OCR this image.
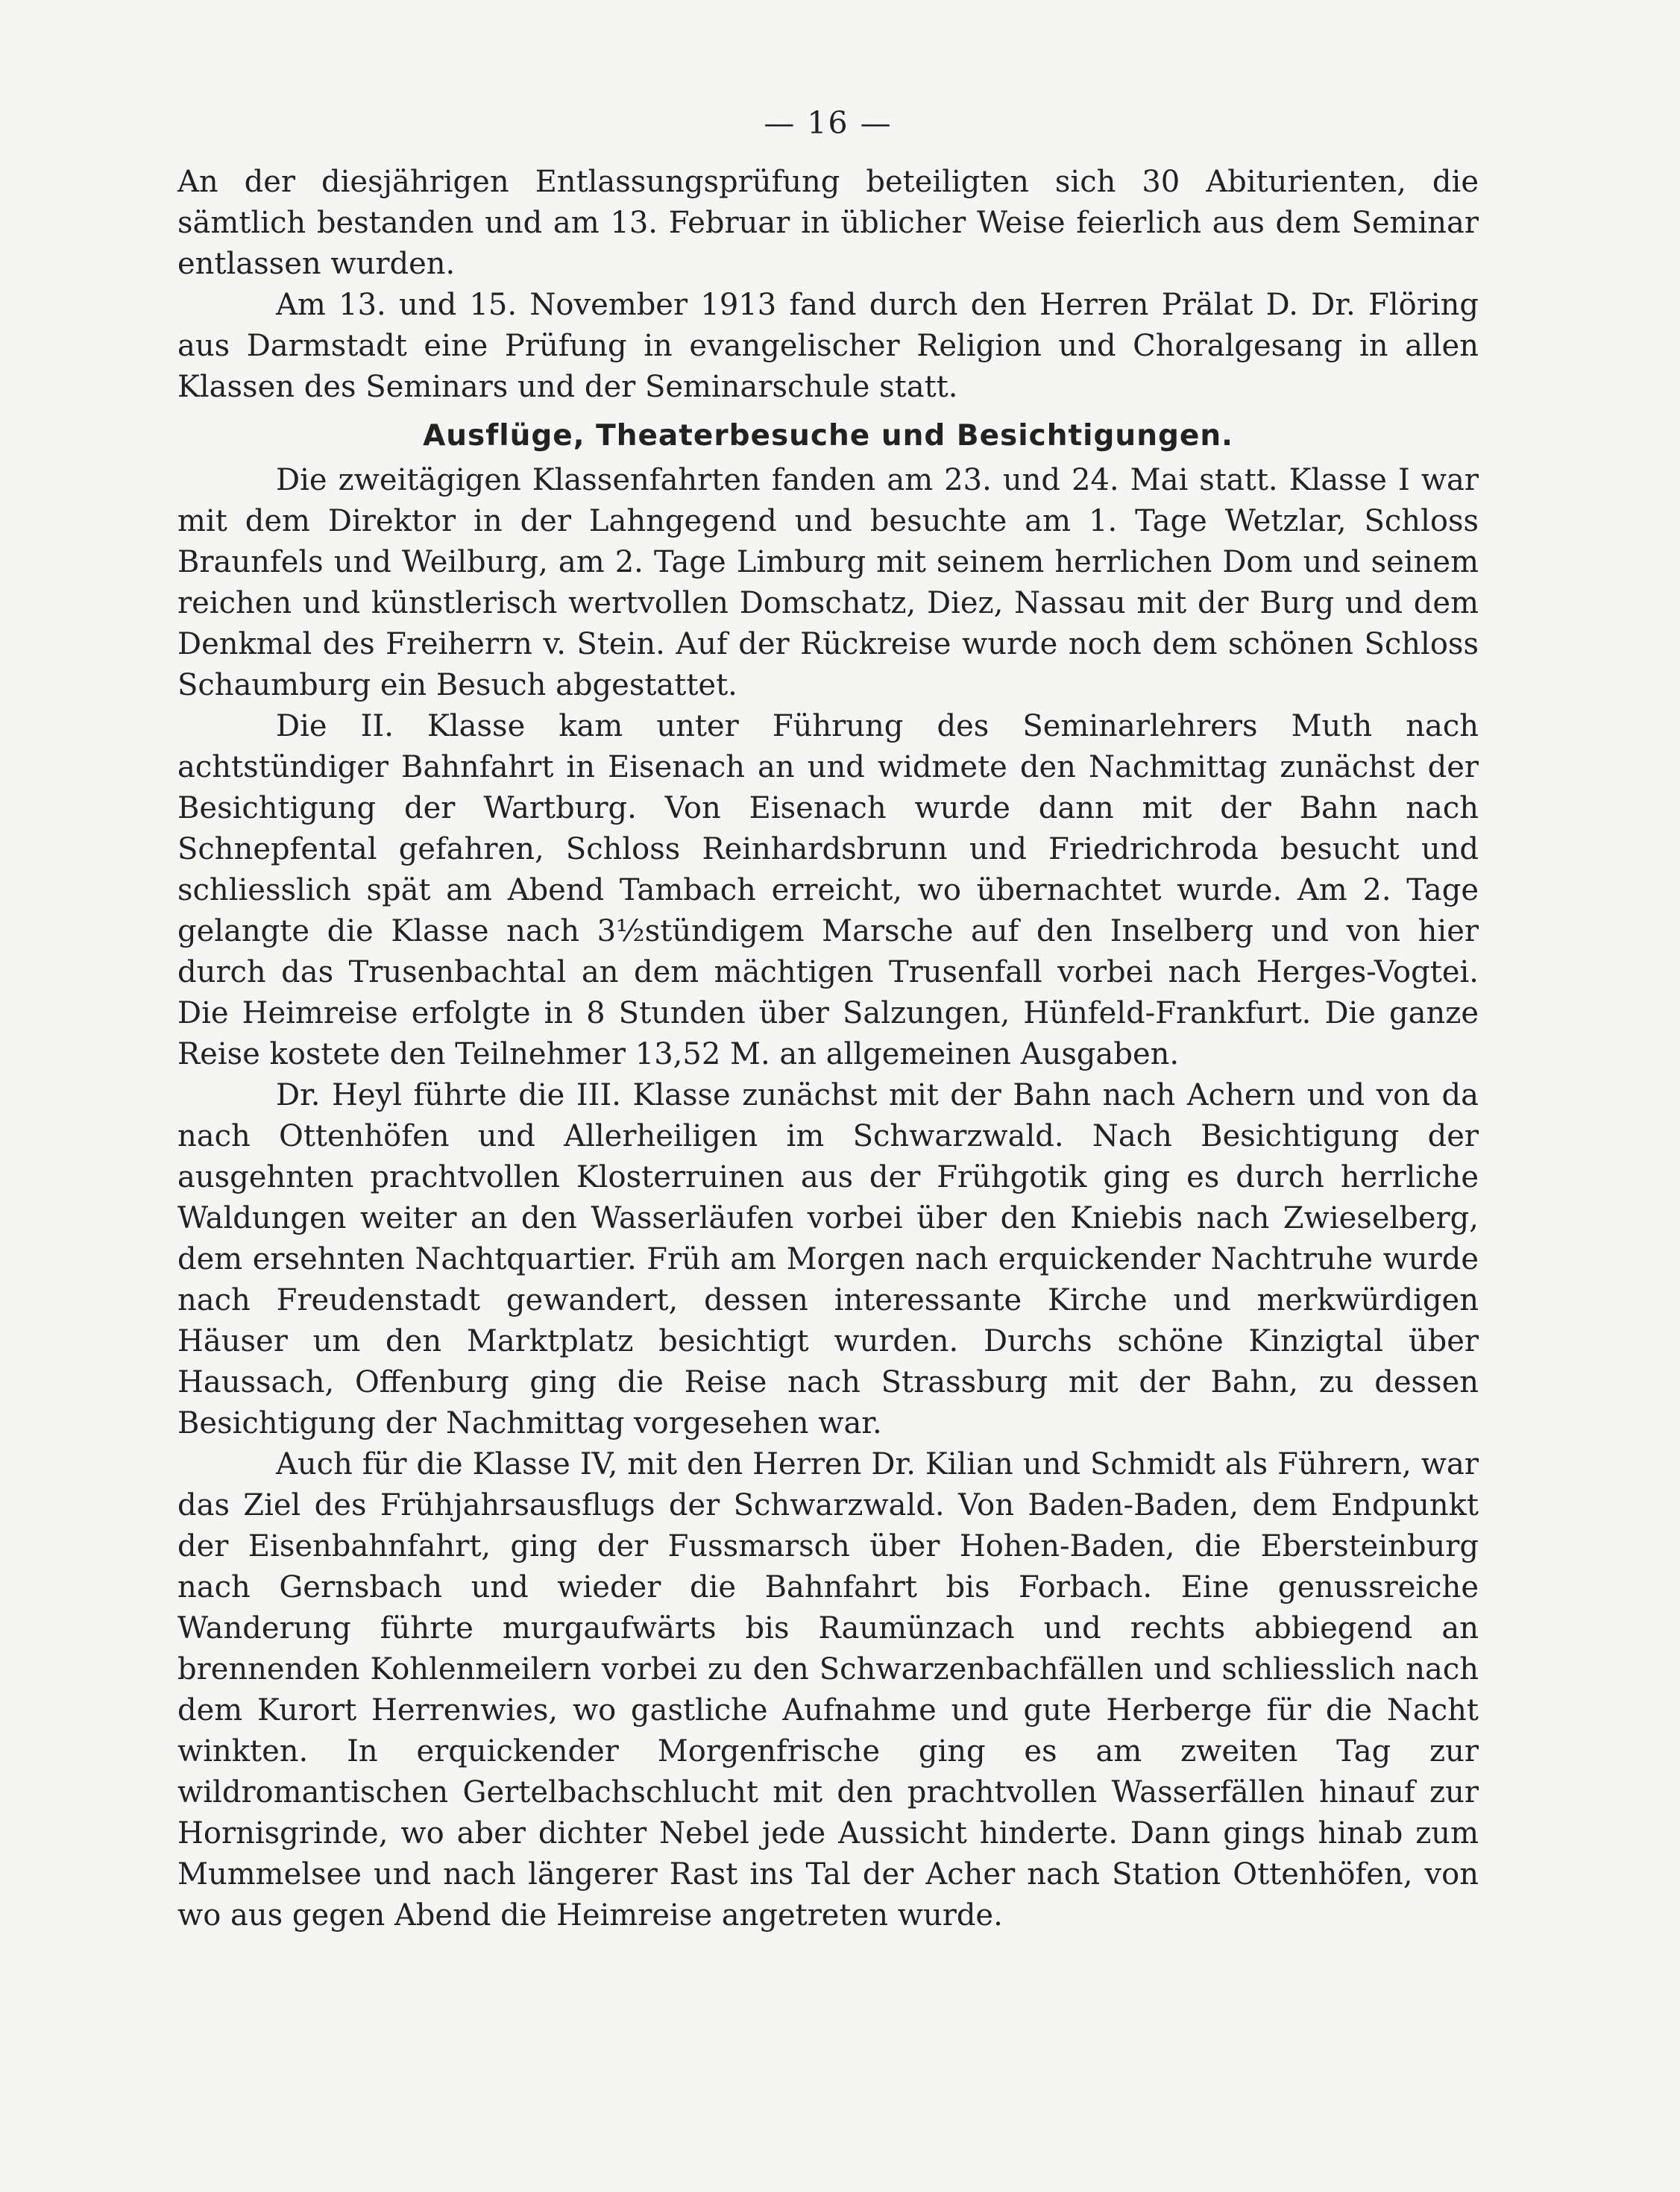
— 16 —

An der diesjährigen Entlassungsprüfung beteiligten sich 30 Abiturienten, die sämtlich bestanden und am 13. Februar in üblicher Weise feierlich aus dem Seminar entlassen wurden.

Am 13. und 15. November 1913 fand durch den Herren Prälat D. Dr. Flöring aus Darmstadt eine Prüfung in evangelischer Religion und Choralgesang in allen Klassen des Seminars und der Seminarschule statt.

Ausflüge, Theaterbesuche und Besichtigungen.

Die zweitägigen Klassenfahrten fanden am 23. und 24. Mai statt. Klasse I war mit dem Direktor in der Lahngegend und besuchte am 1. Tage Wetzlar, Schloss Braunfels und Weilburg, am 2. Tage Limburg mit seinem herrlichen Dom und seinem reichen und künstlerisch wertvollen Domschatz, Diez, Nassau mit der Burg und dem Denkmal des Freiherrn v. Stein. Auf der Rückreise wurde noch dem schönen Schloss Schaumburg ein Besuch abgestattet.

Die II. Klasse kam unter Führung des Seminarlehrers Muth nach achtstündiger Bahnfahrt in Eisenach an und widmete den Nachmittag zunächst der Besichtigung der Wartburg. Von Eisenach wurde dann mit der Bahn nach Schnepfental gefahren, Schloss Reinhardsbrunn und Friedrichroda besucht und schliesslich spät am Abend Tambach erreicht, wo übernachtet wurde. Am 2. Tage gelangte die Klasse nach 3½stündigem Marsche auf den Inselberg und von hier durch das Trusenbachtal an dem mächtigen Trusenfall vorbei nach Herges-Vogtei. Die Heimreise erfolgte in 8 Stunden über Salzungen, Hünfeld-Frankfurt. Die ganze Reise kostete den Teilnehmer 13,52 M. an allgemeinen Ausgaben.

Dr. Heyl führte die III. Klasse zunächst mit der Bahn nach Achern und von da nach Ottenhöfen und Allerheiligen im Schwarzwald. Nach Besichtigung der ausgehnten prachtvollen Klosterruinen aus der Frühgotik ging es durch herrliche Waldungen weiter an den Wasserläufen vorbei über den Kniebis nach Zwieselberg, dem ersehnten Nachtquartier. Früh am Morgen nach erquickender Nachtruhe wurde nach Freudenstadt gewandert, dessen interessante Kirche und merkwürdigen Häuser um den Marktplatz besichtigt wurden. Durchs schöne Kinzigtal über Haussach, Offenburg ging die Reise nach Strassburg mit der Bahn, zu dessen Besichtigung der Nachmittag vorgesehen war.

Auch für die Klasse IV, mit den Herren Dr. Kilian und Schmidt als Führern, war das Ziel des Frühjahrsausflugs der Schwarzwald. Von Baden-Baden, dem Endpunkt der Eisenbahnfahrt, ging der Fussmarsch über Hohen-Baden, die Ebersteinburg nach Gernsbach und wieder die Bahnfahrt bis Forbach. Eine genussreiche Wanderung führte murgaufwärts bis Raumünzach und rechts abbiegend an brennenden Kohlenmeilern vorbei zu den Schwarzenbachfällen und schliesslich nach dem Kurort Herrenwies, wo gastliche Aufnahme und gute Herberge für die Nacht winkten. In erquickender Morgenfrische ging es am zweiten Tag zur wildromantischen Gertelbachschlucht mit den prachtvollen Wasserfällen hinauf zur Hornisgrinde, wo aber dichter Nebel jede Aussicht hinderte. Dann gings hinab zum Mummelsee und nach längerer Rast ins Tal der Acher nach Station Ottenhöfen, von wo aus gegen Abend die Heimreise angetreten wurde.
